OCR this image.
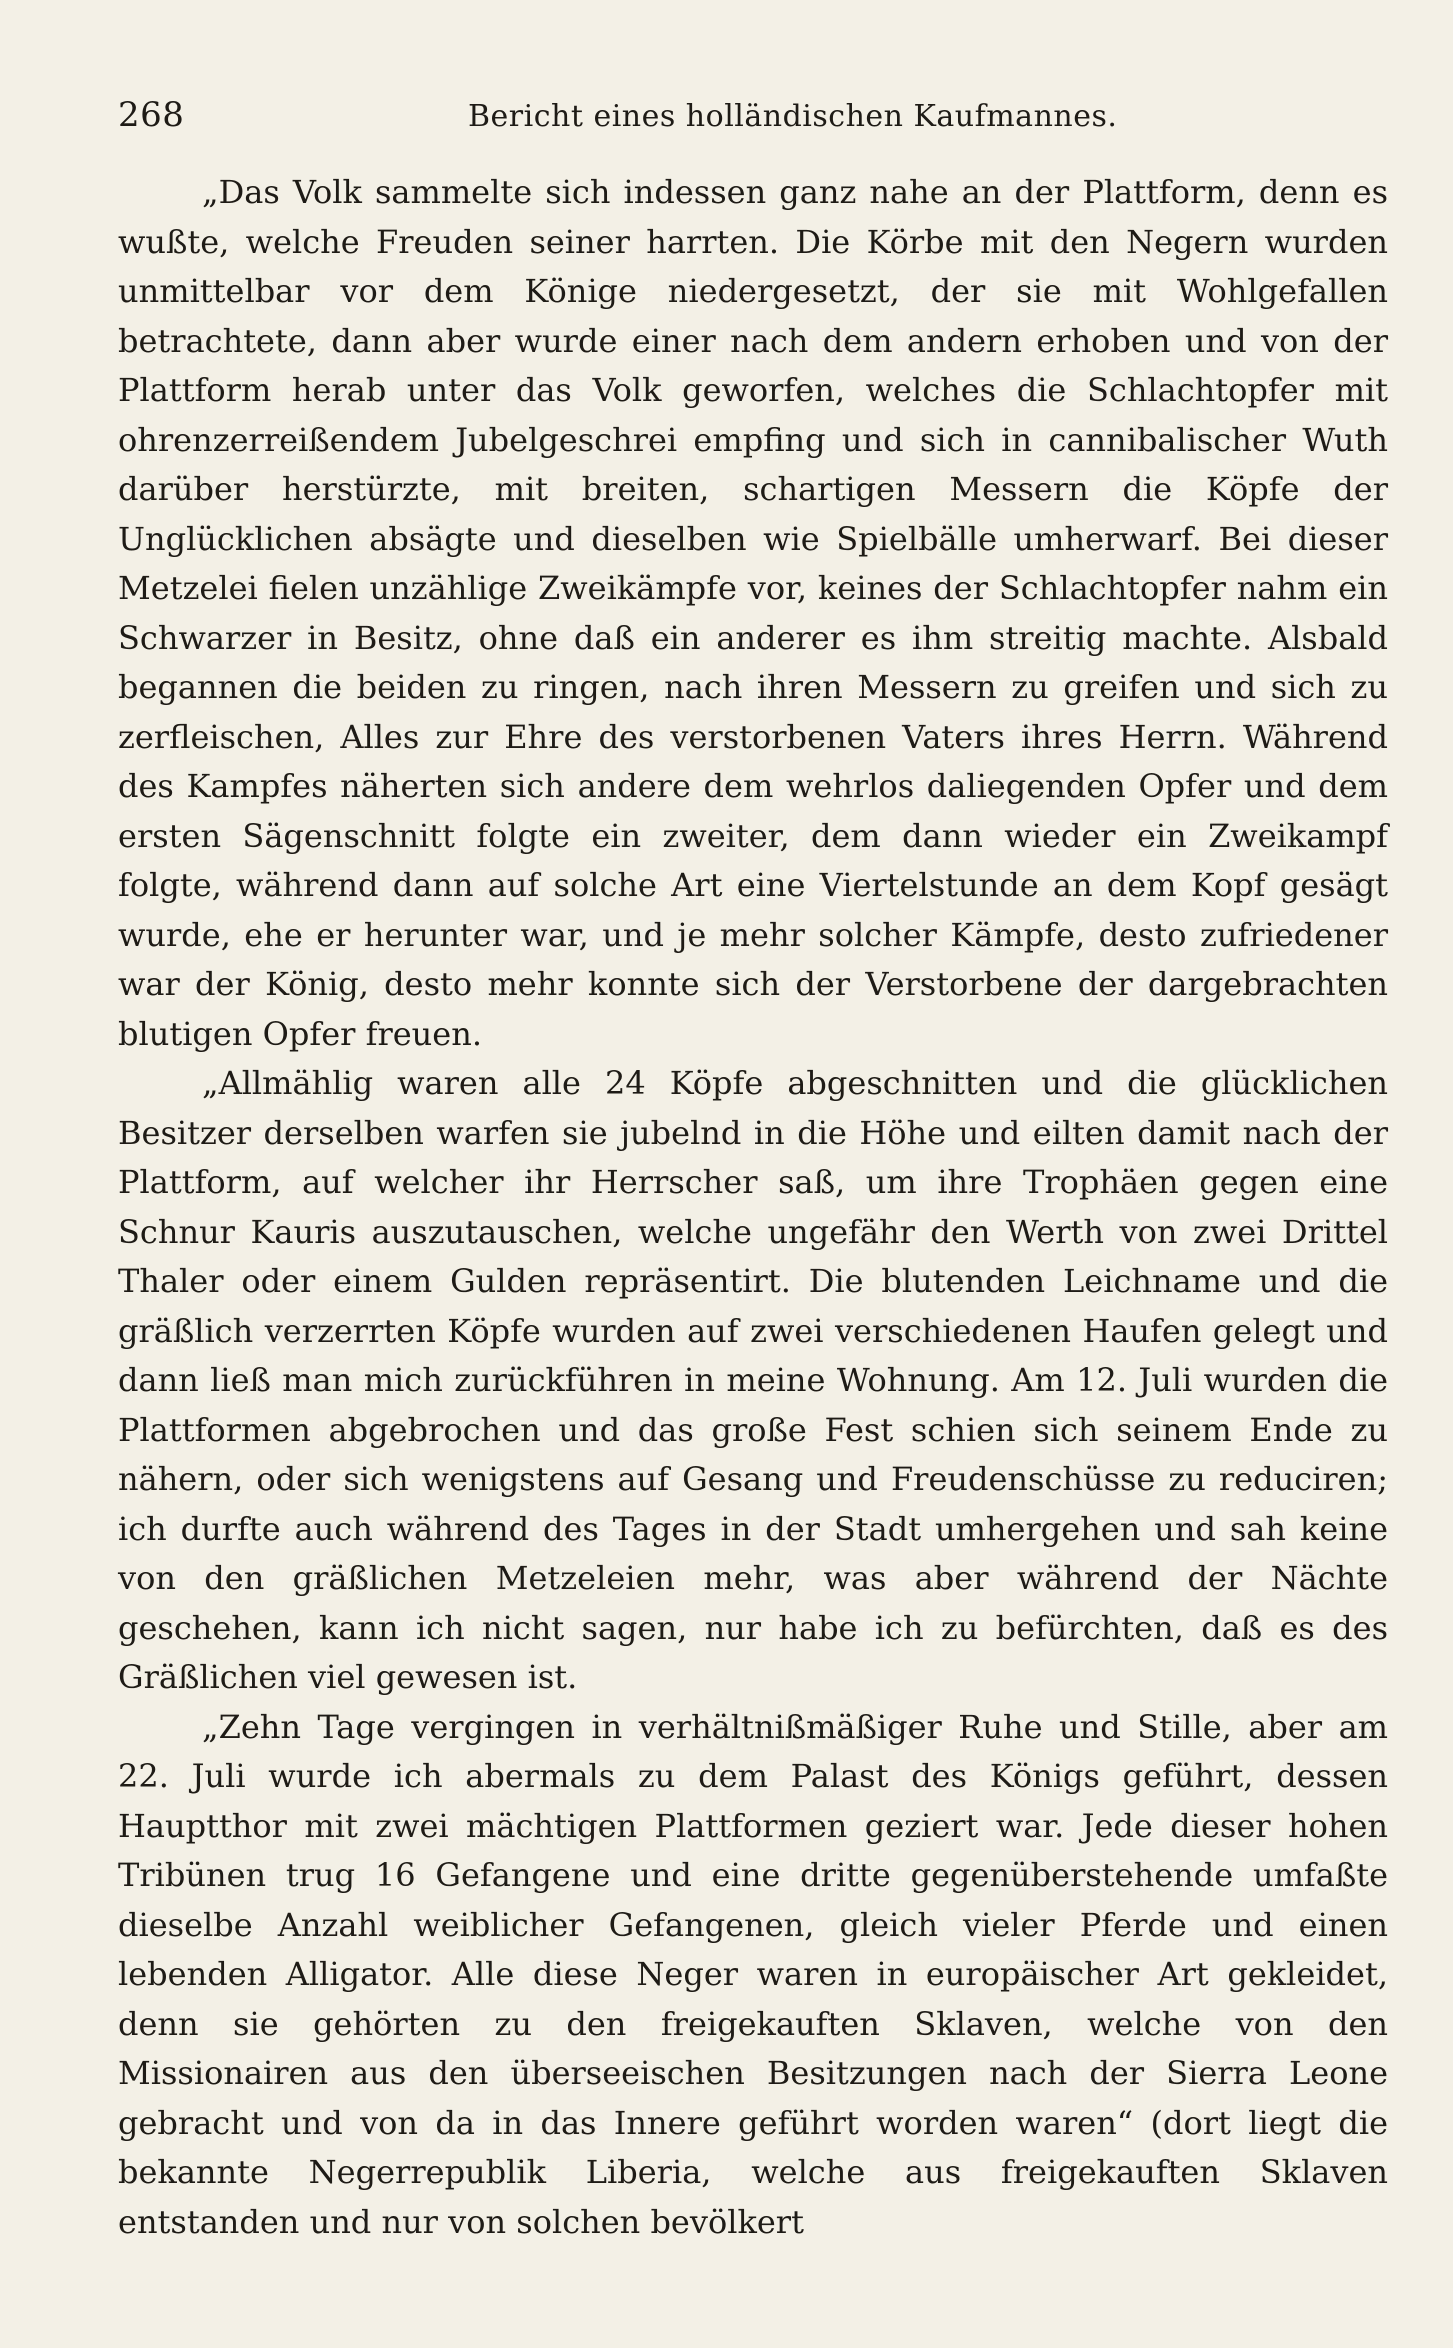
268	Bericht eines holländischen Kaufmannes.

„Das Volk sammelte sich indessen ganz nahe an der Plattform, denn es wußte, welche Freuden seiner harrten. Die Körbe mit den Negern wurden unmittelbar vor dem Könige niedergesetzt, der sie mit Wohlgefallen betrachtete, dann aber wurde einer nach dem andern erhoben und von der Plattform herab unter das Volk geworfen, welches die Schlachtopfer mit ohrenzerreißendem Jubelgeschrei empfing und sich in cannibalischer Wuth darüber herstürzte, mit breiten, schartigen Messern die Köpfe der Unglücklichen absägte und dieselben wie Spielbälle umherwarf. Bei dieser Metzelei fielen unzählige Zweikämpfe vor, keines der Schlachtopfer nahm ein Schwarzer in Besitz, ohne daß ein anderer es ihm streitig machte. Alsbald begannen die beiden zu ringen, nach ihren Messern zu greifen und sich zu zerfleischen, Alles zur Ehre des verstorbenen Vaters ihres Herrn. Während des Kampfes näherten sich andere dem wehrlos daliegenden Opfer und dem ersten Sägenschnitt folgte ein zweiter, dem dann wieder ein Zweikampf folgte, während dann auf solche Art eine Viertelstunde an dem Kopf gesägt wurde, ehe er herunter war, und je mehr solcher Kämpfe, desto zufriedener war der König, desto mehr konnte sich der Verstorbene der dargebrachten blutigen Opfer freuen.

„Allmählig waren alle 24 Köpfe abgeschnitten und die glücklichen Besitzer derselben warfen sie jubelnd in die Höhe und eilten damit nach der Plattform, auf welcher ihr Herrscher saß, um ihre Trophäen gegen eine Schnur Kauris auszutauschen, welche ungefähr den Werth von zwei Drittel Thaler oder einem Gulden repräsentirt. Die blutenden Leichname und die gräßlich verzerrten Köpfe wurden auf zwei verschiedenen Haufen gelegt und dann ließ man mich zurückführen in meine Wohnung. Am 12. Juli wurden die Plattformen abgebrochen und das große Fest schien sich seinem Ende zu nähern, oder sich wenigstens auf Gesang und Freudenschüsse zu reduciren; ich durfte auch während des Tages in der Stadt umhergehen und sah keine von den gräßlichen Metzeleien mehr, was aber während der Nächte geschehen, kann ich nicht sagen, nur habe ich zu befürchten, daß es des Gräßlichen viel gewesen ist.

„Zehn Tage vergingen in verhältnißmäßiger Ruhe und Stille, aber am 22. Juli wurde ich abermals zu dem Palast des Königs geführt, dessen Hauptthor mit zwei mächtigen Plattformen geziert war. Jede dieser hohen Tribünen trug 16 Gefangene und eine dritte gegenüberstehende umfaßte dieselbe Anzahl weiblicher Gefangenen, gleich vieler Pferde und einen lebenden Alligator. Alle diese Neger waren in europäischer Art gekleidet, denn sie gehörten zu den freigekauften Sklaven, welche von den Missionairen aus den überseeischen Besitzungen nach der Sierra Leone gebracht und von da in das Innere geführt worden waren“ (dort liegt die bekannte Negerrepublik Liberia, welche aus freigekauften Sklaven entstanden und nur von solchen bevölkert
